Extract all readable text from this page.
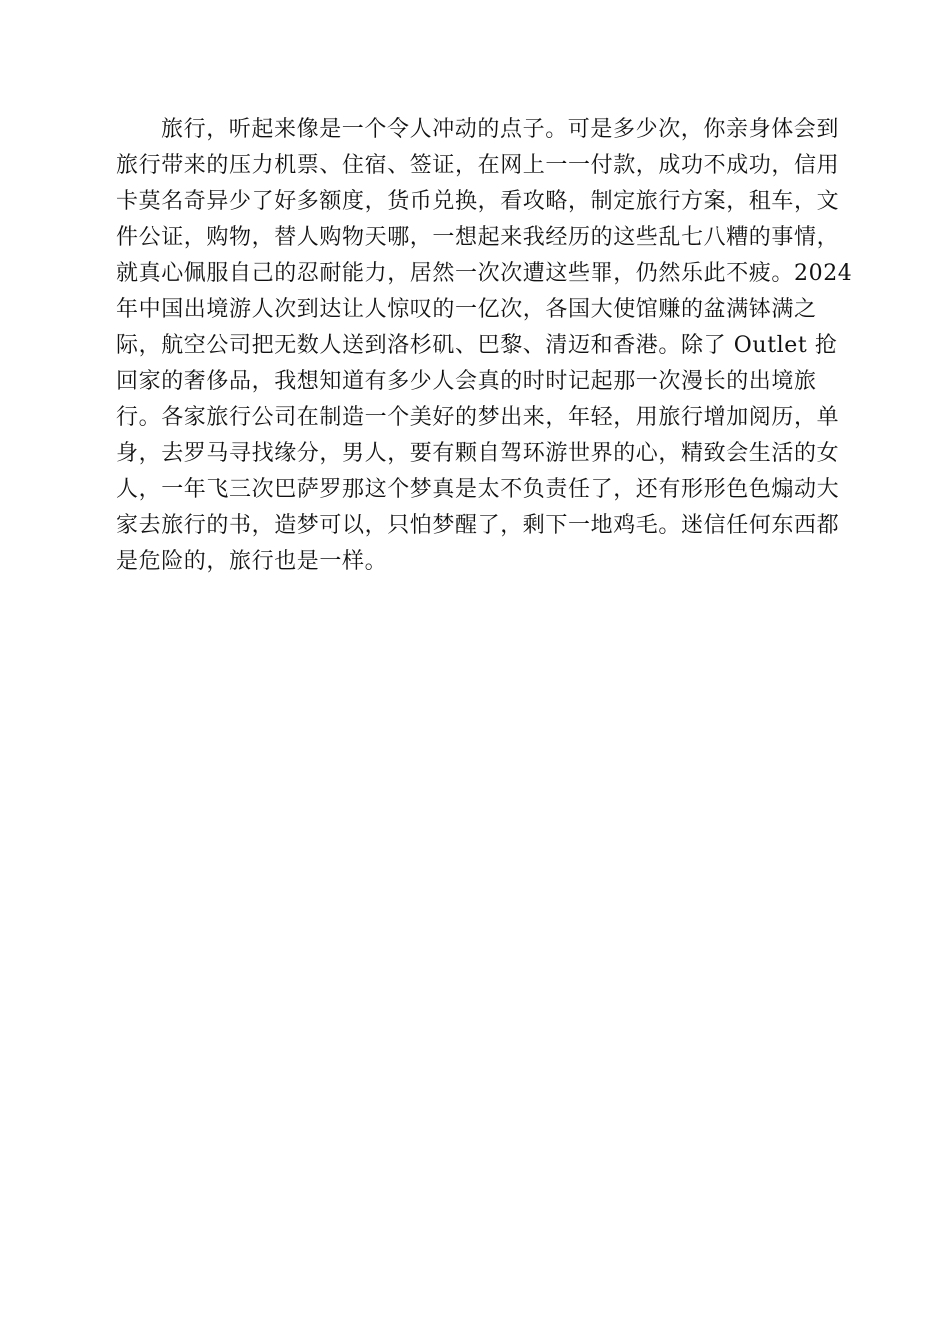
旅行，听起来像是一个令人冲动的点子。可是多少次，你亲身体会到
旅行带来的压力机票、住宿、签证，在网上一一付款，成功不成功，信用
卡莫名奇异少了好多额度，货币兑换，看攻略，制定旅行方案，租车，文
件公证，购物，替人购物天哪，一想起来我经历的这些乱七八糟的事情，
就真心佩服自己的忍耐能力，居然一次次遭这些罪，仍然乐此不疲。2024
年中国出境游人次到达让人惊叹的一亿次，各国大使馆赚的盆满钵满之
际，航空公司把无数人送到洛杉矶、巴黎、清迈和香港。除了 Outlet 抢
回家的奢侈品，我想知道有多少人会真的时时记起那一次漫长的出境旅
行。各家旅行公司在制造一个美好的梦出来，年轻，用旅行增加阅历，单
身，去罗马寻找缘分，男人，要有颗自驾环游世界的心，精致会生活的女
人，一年飞三次巴萨罗那这个梦真是太不负责任了，还有形形色色煽动大
家去旅行的书，造梦可以，只怕梦醒了，剩下一地鸡毛。迷信任何东西都
是危险的，旅行也是一样。
